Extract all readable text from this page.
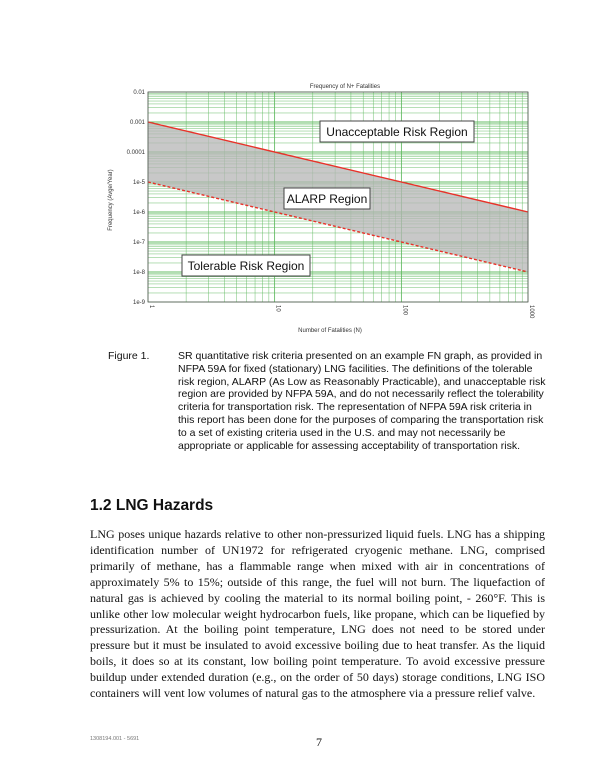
Frequency of N+ Fatalities
0.01
0.001
0.0001
1e-5
1e-6
1e-7
1e-8
1e-9
1	10	100	1000
Frequency (Avge/Year)
Number of Fatalities (N)
Unacceptable Risk Region
ALARP Region
Tolerable Risk Region
Figure 1.	SR quantitative risk criteria presented on an example FN graph, as provided in NFPA 59A for fixed (stationary) LNG facilities. The definitions of the tolerable risk region, ALARP (As Low as Reasonably Practicable), and unacceptable risk region are provided by NFPA 59A, and do not necessarily reflect the tolerability criteria for transportation risk. The representation of NFPA 59A risk criteria in this report has been done for the purposes of comparing the transportation risk to a set of existing criteria used in the U.S. and may not necessarily be appropriate or applicable for assessing acceptability of transportation risk.
1.2 LNG Hazards
LNG poses unique hazards relative to other non-pressurized liquid fuels. LNG has a shipping identification number of UN1972 for refrigerated cryogenic methane. LNG, comprised primarily of methane, has a flammable range when mixed with air in concentrations of approximately 5% to 15%; outside of this range, the fuel will not burn. The liquefaction of natural gas is achieved by cooling the material to its normal boiling point, - 260°F. This is unlike other low molecular weight hydrocarbon fuels, like propane, which can be liquefied by pressurization. At the boiling point temperature, LNG does not need to be stored under pressure but it must be insulated to avoid excessive boiling due to heat transfer. As the liquid boils, it does so at its constant, low boiling point temperature. To avoid excessive pressure buildup under extended duration (e.g., on the order of 50 days) storage conditions, LNG ISO containers will vent low volumes of natural gas to the atmosphere via a pressure relief valve.
1308194.001 - 5691	7
